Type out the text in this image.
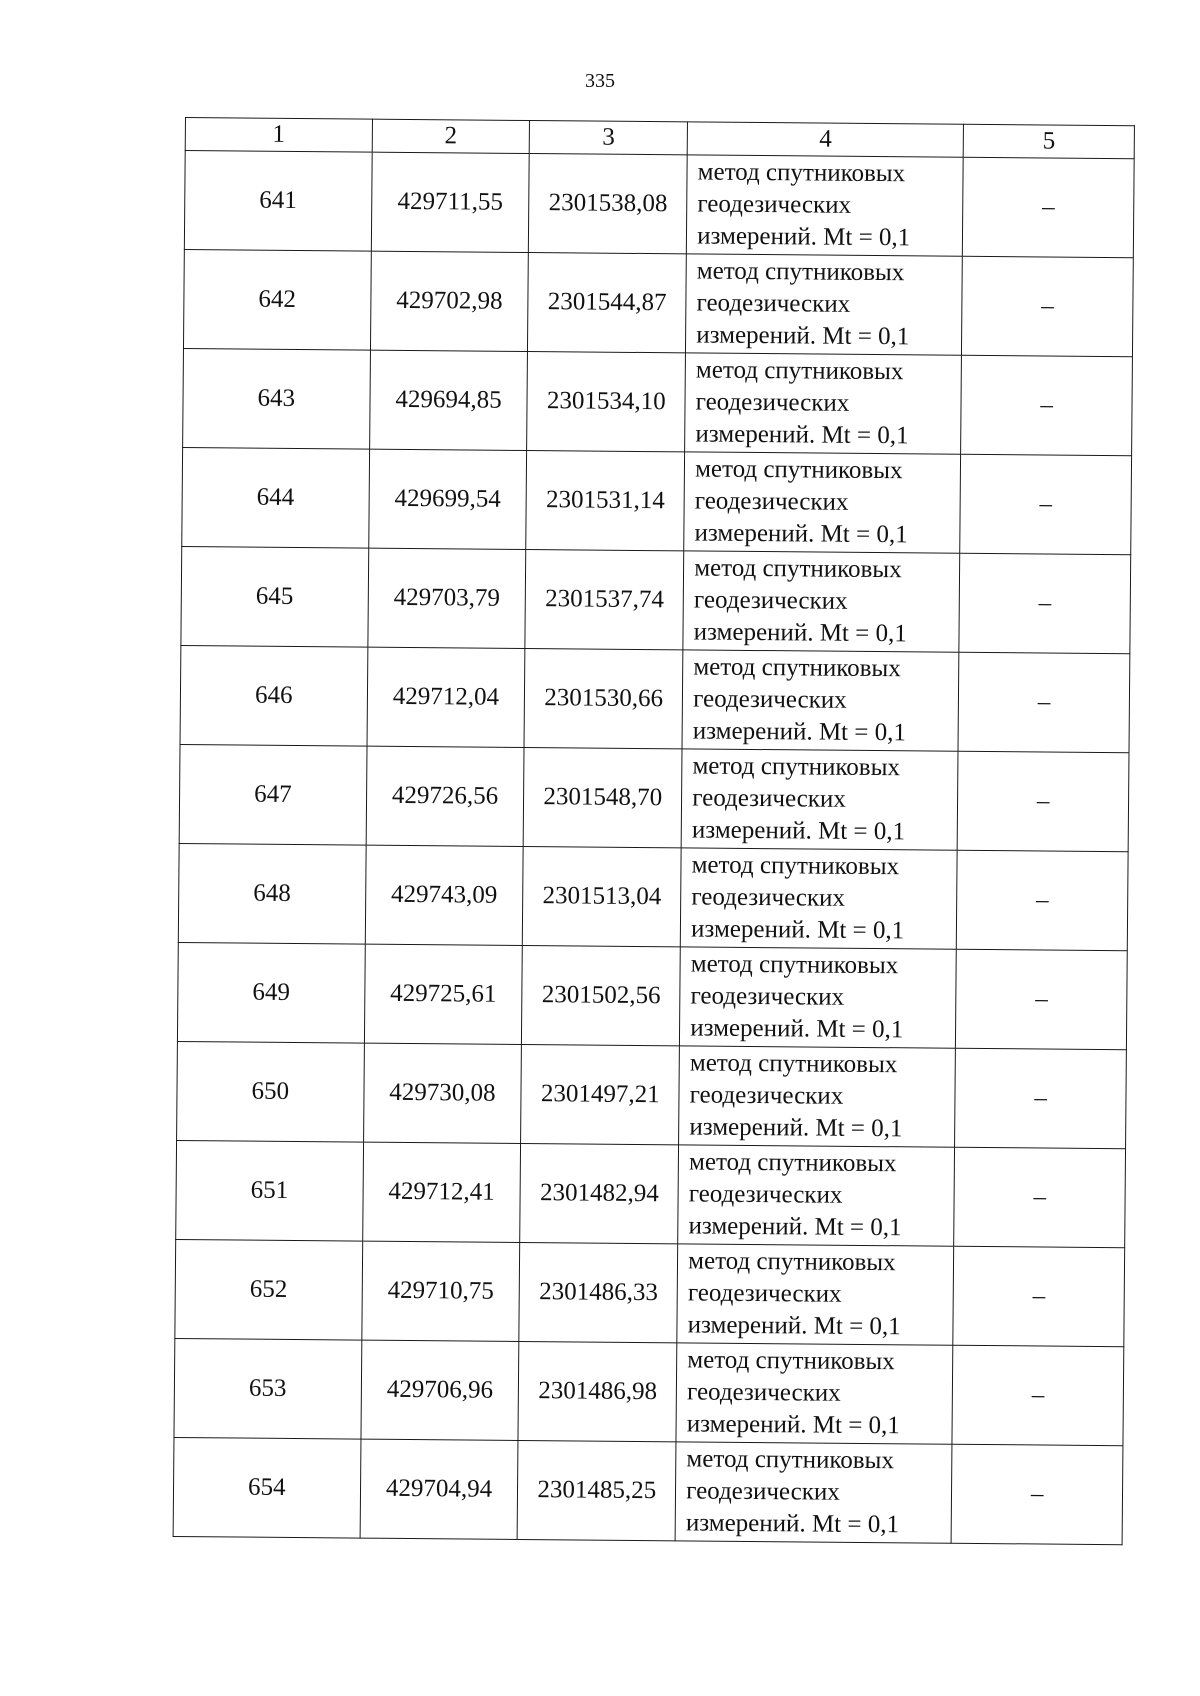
335
1	2	3	4	5
641	429711,55	2301538,08	метод спутниковых
геодезических
измерений. Mt = 0,1	–
642	429702,98	2301544,87	метод спутниковых
геодезических
измерений. Mt = 0,1	–
643	429694,85	2301534,10	метод спутниковых
геодезических
измерений. Mt = 0,1	–
644	429699,54	2301531,14	метод спутниковых
геодезических
измерений. Mt = 0,1	–
645	429703,79	2301537,74	метод спутниковых
геодезических
измерений. Mt = 0,1	–
646	429712,04	2301530,66	метод спутниковых
геодезических
измерений. Mt = 0,1	–
647	429726,56	2301548,70	метод спутниковых
геодезических
измерений. Mt = 0,1	–
648	429743,09	2301513,04	метод спутниковых
геодезических
измерений. Mt = 0,1	–
649	429725,61	2301502,56	метод спутниковых
геодезических
измерений. Mt = 0,1	–
650	429730,08	2301497,21	метод спутниковых
геодезических
измерений. Mt = 0,1	–
651	429712,41	2301482,94	метод спутниковых
геодезических
измерений. Mt = 0,1	–
652	429710,75	2301486,33	метод спутниковых
геодезических
измерений. Mt = 0,1	–
653	429706,96	2301486,98	метод спутниковых
геодезических
измерений. Mt = 0,1	–
654	429704,94	2301485,25	метод спутниковых
геодезических
измерений. Mt = 0,1	–
